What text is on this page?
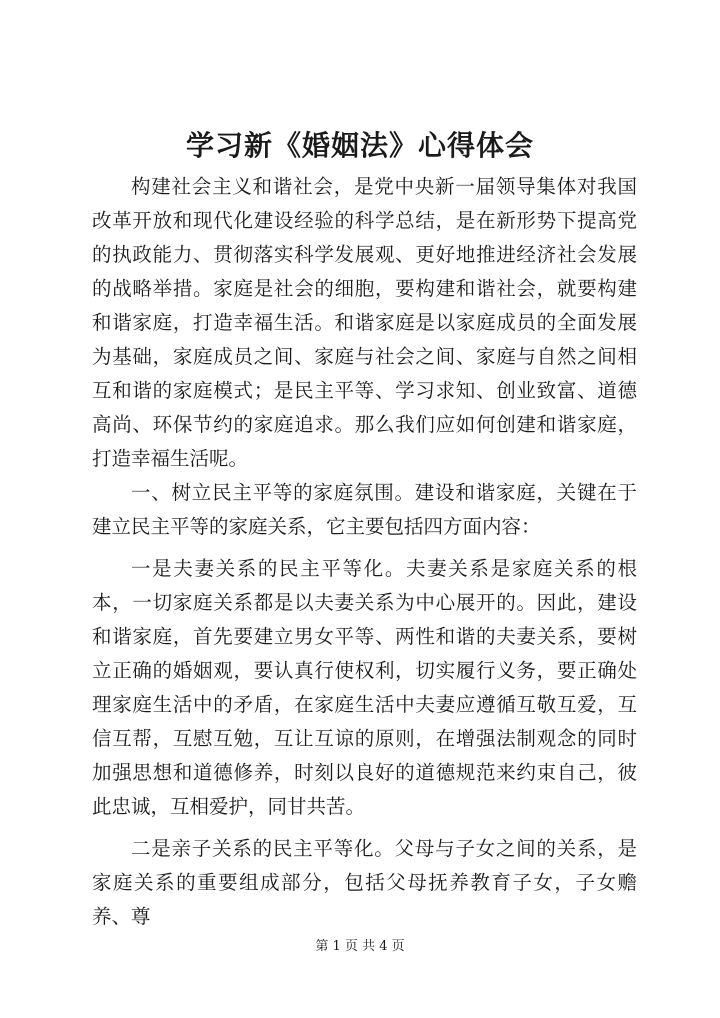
学习新《婚姻法》心得体会

构建社会主义和谐社会，是党中央新一届领导集体对我国改革开放和现代化建设经验的科学总结，是在新形势下提高党的执政能力、贯彻落实科学发展观、更好地推进经济社会发展的战略举措。家庭是社会的细胞，要构建和谐社会，就要构建和谐家庭，打造幸福生活。和谐家庭是以家庭成员的全面发展为基础，家庭成员之间、家庭与社会之间、家庭与自然之间相互和谐的家庭模式；是民主平等、学习求知、创业致富、道德高尚、环保节约的家庭追求。那么我们应如何创建和谐家庭，打造幸福生活呢。

一、树立民主平等的家庭氛围。建设和谐家庭，关键在于建立民主平等的家庭关系，它主要包括四方面内容：

一是夫妻关系的民主平等化。夫妻关系是家庭关系的根本，一切家庭关系都是以夫妻关系为中心展开的。因此，建设和谐家庭，首先要建立男女平等、两性和谐的夫妻关系，要树立正确的婚姻观，要认真行使权利，切实履行义务，要正确处理家庭生活中的矛盾，在家庭生活中夫妻应遵循互敬互爱，互信互帮，互慰互勉，互让互谅的原则，在增强法制观念的同时加强思想和道德修养，时刻以良好的道德规范来约束自己，彼此忠诚，互相爱护，同甘共苦。

二是亲子关系的民主平等化。父母与子女之间的关系，是家庭关系的重要组成部分，包括父母抚养教育子女，子女赡养、尊

第 1 页 共 4 页
